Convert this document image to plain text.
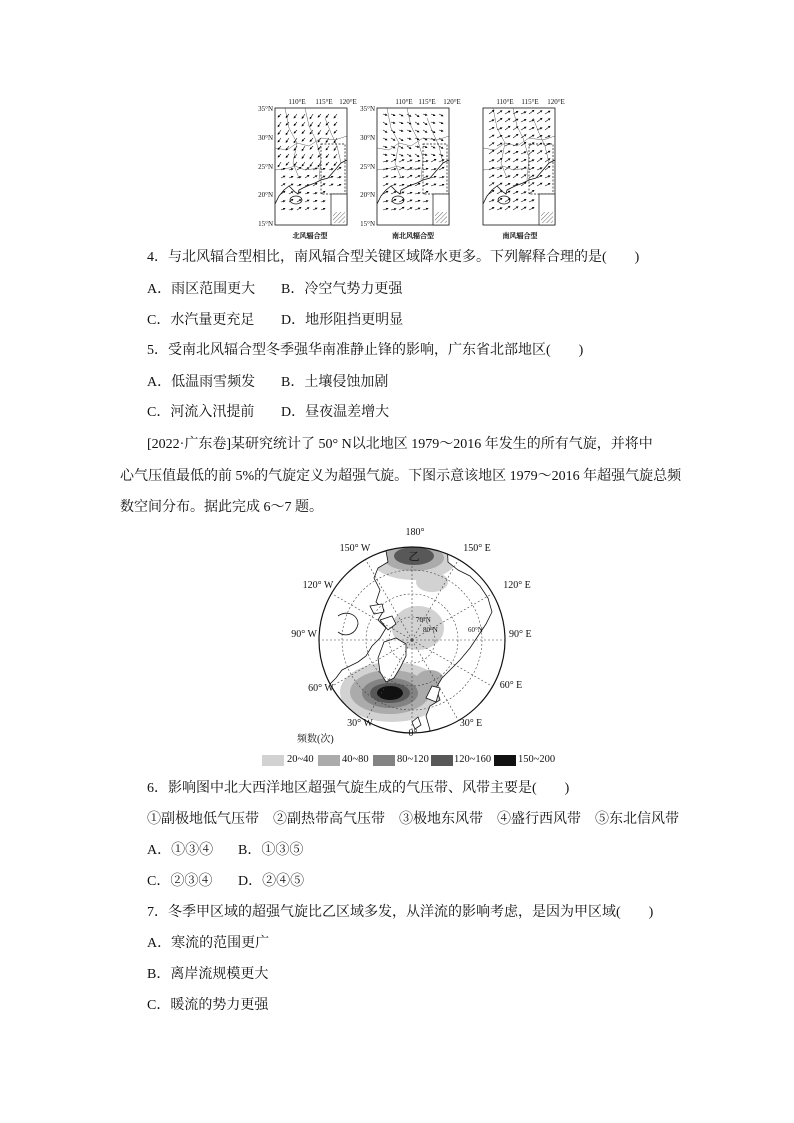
110°E 115°E 120°E	110°E 115°E 120°E	110°E 115°E 120°E
35°N
30°N
25°N
20°N
15°N
35°N
30°N
25°N
20°N
15°N
北风辐合型	南北风辐合型	南风辐合型
4．与北风辐合型相比，南风辐合型关键区域降水更多。下列解释合理的是(　　)
A．雨区范围更大 B．冷空气势力更强
C．水汽量更充足 D．地形阻挡更明显
5．受南北风辐合型冬季强华南准静止锋的影响，广东省北部地区(　　)
A．低温雨雪频发 B．土壤侵蚀加剧
C．河流入汛提前 D．昼夜温差增大
[2022·广东卷]某研究统计了 50° N以北地区 1979～2016 年发生的所有气旋，并将中
心气压值最低的前 5%的气旋定义为超强气旋。下图示意该地区 1979～2016 年超强气旋总频
数空间分布。据此完成 6～7 题。
乙
甲
70°N
80°N	60°N
180°
150° W	150° E
120° W	120° E
90° W	90° E
60° W	60° E
30° W
0°
30° E
频数(次)
20~40	40~80	80~120 120~160	150~200
6．影响图中北大西洋地区超强气旋生成的气压带、风带主要是(　　)
①副极地低气压带 ②副热带高气压带 ③极地东风带 ④盛行西风带 ⑤东北信风带
A．①③④ B．①③⑤
C．②③④ D．②④⑤
7．冬季甲区域的超强气旋比乙区域多发，从洋流的影响考虑，是因为甲区域(　　)
A．寒流的范围更广
B．离岸流规模更大
C．暖流的势力更强
